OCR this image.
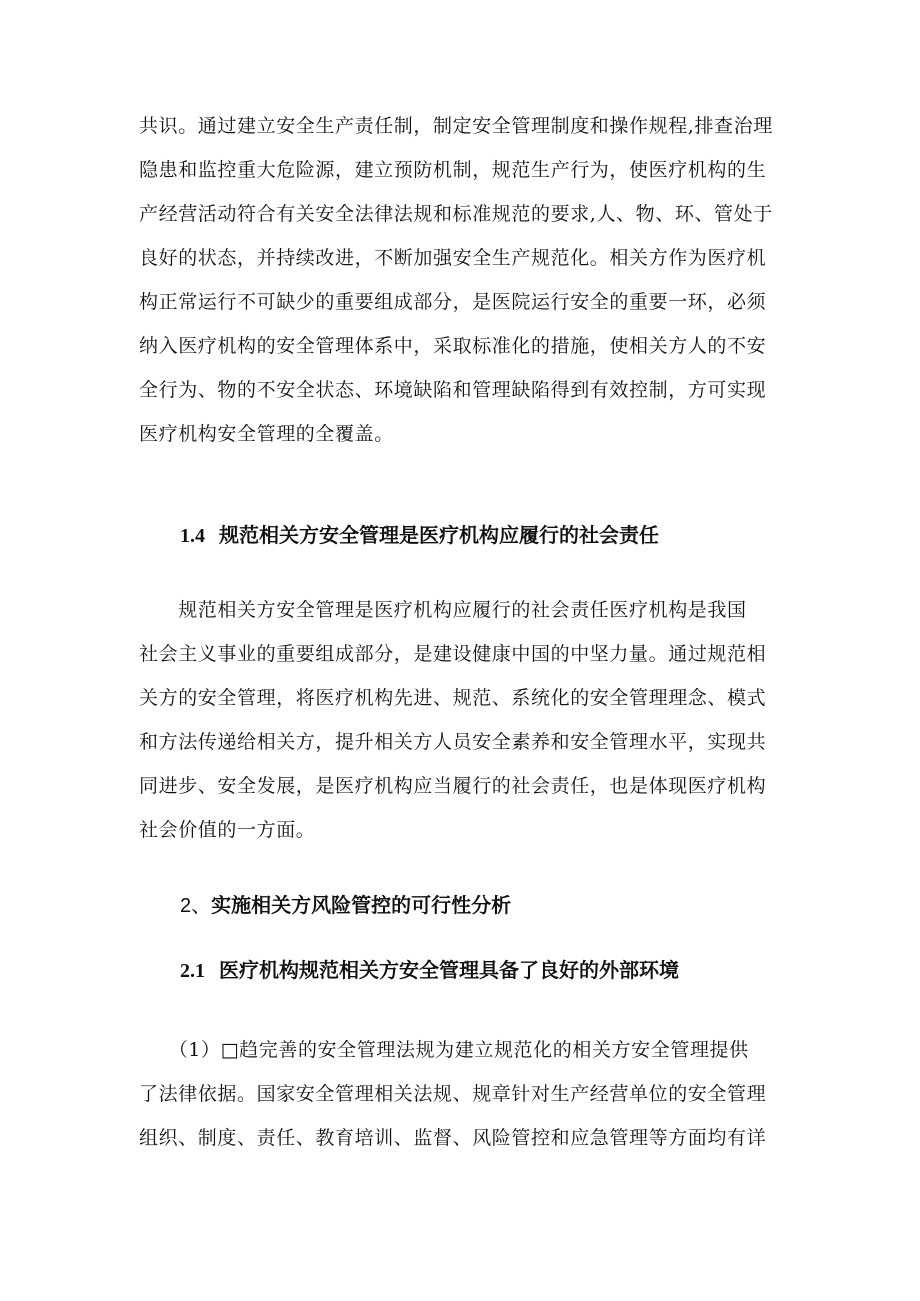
共识。通过建立安全生产责任制，制定安全管理制度和操作规程,排查治理
隐患和监控重大危险源，建立预防机制，规范生产行为，使医疗机构的生
产经营活动符合有关安全法律法规和标准规范的要求,人、物、环、管处于
良好的状态，并持续改进，不断加强安全生产规范化。相关方作为医疗机
构正常运行不可缺少的重要组成部分，是医院运行安全的重要一环，必须
纳入医疗机构的安全管理体系中，采取标准化的措施，使相关方人的不安
全行为、物的不安全状态、环境缺陷和管理缺陷得到有效控制，方可实现
医疗机构安全管理的全覆盖。
1.4 规范相关方安全管理是医疗机构应履行的社会责任
　　规范相关方安全管理是医疗机构应履行的社会责任医疗机构是我国
社会主义事业的重要组成部分，是建设健康中国的中坚力量。通过规范相
关方的安全管理，将医疗机构先进、规范、系统化的安全管理理念、模式
和方法传递给相关方，提升相关方人员安全素养和安全管理水平，实现共
同进步、安全发展，是医疗机构应当履行的社会责任，也是体现医疗机构
社会价值的一方面。
2、实施相关方风险管控的可行性分析
2.1 医疗机构规范相关方安全管理具备了良好的外部环境
　　（1）□趋完善的安全管理法规为建立规范化的相关方安全管理提供
了法律依据。国家安全管理相关法规、规章针对生产经营单位的安全管理
组织、制度、责任、教育培训、监督、风险管控和应急管理等方面均有详
